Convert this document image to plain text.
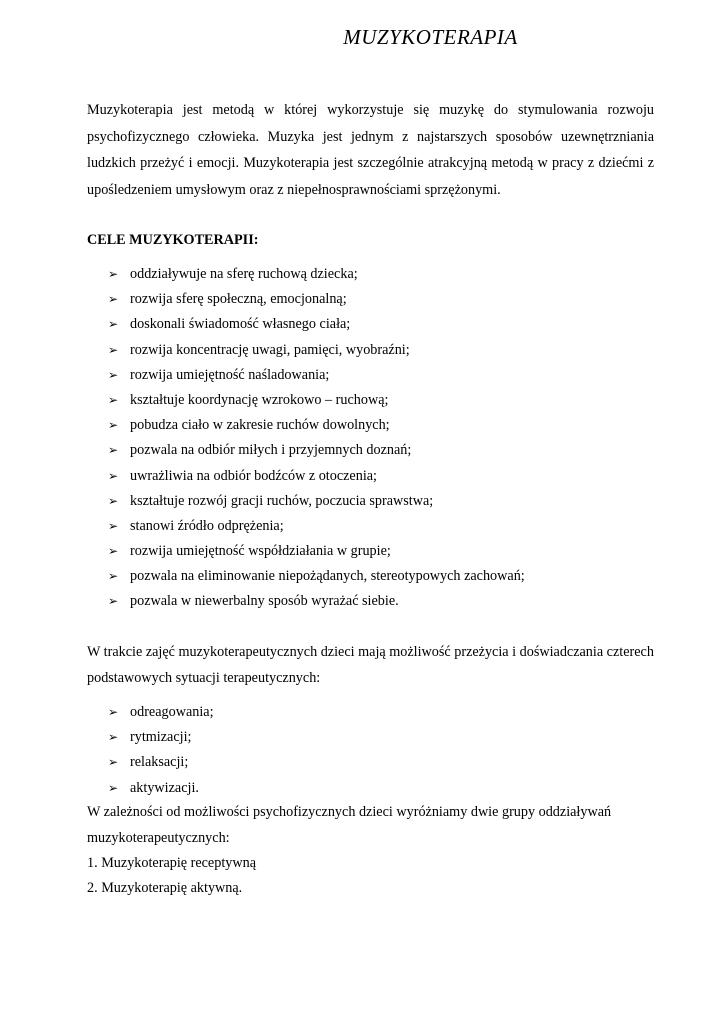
MUZYKOTERAPIA

Muzykoterapia jest metodą w której wykorzystuje się muzykę do stymulowania rozwoju psychofizycznego człowieka. Muzyka jest jednym z najstarszych sposobów uzewnętrzniania ludzkich przeżyć i emocji. Muzykoterapia jest szczególnie atrakcyjną metodą w pracy z dziećmi z upośledzeniem umysłowym oraz z niepełnosprawnościami sprzężonymi.

CELE MUZYKOTERAPII:

➢ oddziaływuje na sferę ruchową dziecka;
➢ rozwija sferę społeczną, emocjonalną;
➢ doskonali świadomość własnego ciała;
➢ rozwija koncentrację uwagi, pamięci, wyobraźni;
➢ rozwija umiejętność naśladowania;
➢ kształtuje koordynację wzrokowo – ruchową;
➢ pobudza ciało w zakresie ruchów dowolnych;
➢ pozwala na odbiór miłych i przyjemnych doznań;
➢ uwrażliwia na odbiór bodźców z otoczenia;
➢ kształtuje rozwój gracji ruchów, poczucia sprawstwa;
➢ stanowi źródło odprężenia;
➢ rozwija umiejętność współdziałania w grupie;
➢ pozwala na eliminowanie niepożądanych, stereotypowych zachowań;
➢ pozwala w niewerbalny sposób wyrażać siebie.

W trakcie zajęć muzykoterapeutycznych dzieci mają możliwość przeżycia i doświadczania czterech podstawowych sytuacji terapeutycznych:

➢ odreagowania;
➢ rytmizacji;
➢ relaksacji;
➢ aktywizacji.

W zależności od możliwości psychofizycznych dzieci wyróżniamy dwie grupy oddziaływań muzykoterapeutycznych:

1. Muzykoterapię receptywną

2. Muzykoterapię aktywną.
